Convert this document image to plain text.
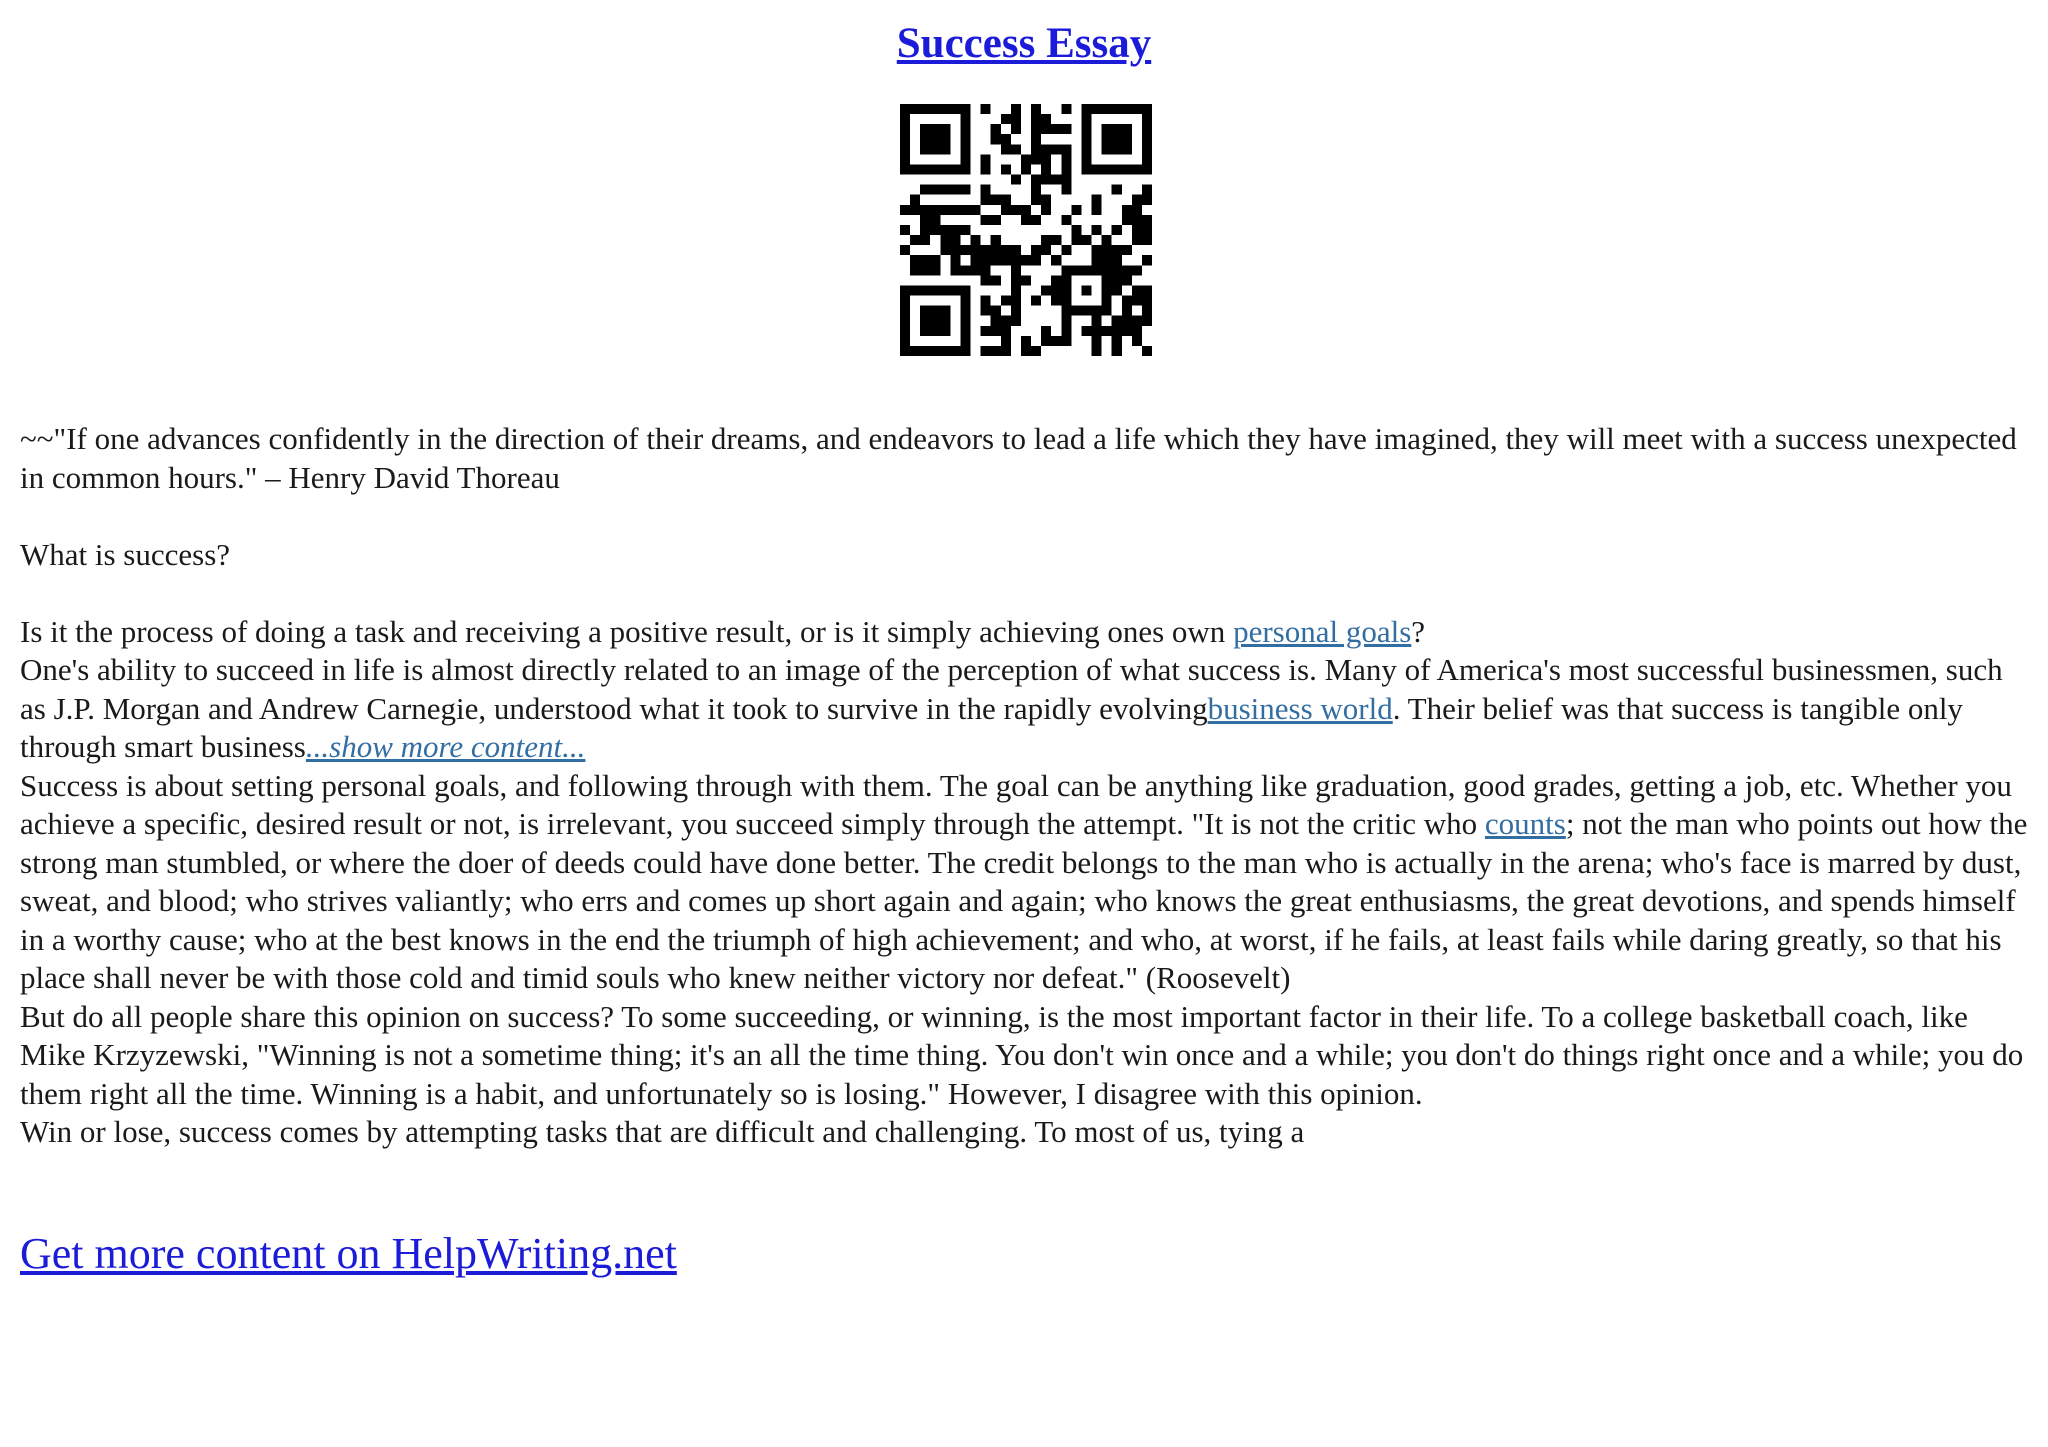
Success Essay

~~"If one advances confidently in the direction of their dreams, and endeavors to lead a life which they have imagined, they will meet with a success unexpected in common hours." – Henry David Thoreau

What is success?

Is it the process of doing a task and receiving a positive result, or is it simply achieving ones own personal goals?

One's ability to succeed in life is almost directly related to an image of the perception of what success is. Many of America's most successful businessmen, such as J.P. Morgan and Andrew Carnegie, understood what it took to survive in the rapidly evolvingbusiness world. Their belief was that success is tangible only through smart business...show more content...

Success is about setting personal goals, and following through with them. The goal can be anything like graduation, good grades, getting a job, etc. Whether you achieve a specific, desired result or not, is irrelevant, you succeed simply through the attempt. "It is not the critic who counts; not the man who points out how the strong man stumbled, or where the doer of deeds could have done better. The credit belongs to the man who is actually in the arena; who's face is marred by dust, sweat, and blood; who strives valiantly; who errs and comes up short again and again; who knows the great enthusiasms, the great devotions, and spends himself in a worthy cause; who at the best knows in the end the triumph of high achievement; and who, at worst, if he fails, at least fails while daring greatly, so that his place shall never be with those cold and timid souls who knew neither victory nor defeat." (Roosevelt)

But do all people share this opinion on success? To some succeeding, or winning, is the most important factor in their life. To a college basketball coach, like Mike Krzyzewski, "Winning is not a sometime thing; it's an all the time thing. You don't win once and a while; you don't do things right once and a while; you do them right all the time. Winning is a habit, and unfortunately so is losing." However, I disagree with this opinion.

Win or lose, success comes by attempting tasks that are difficult and challenging. To most of us, tying a

Get more content on HelpWriting.net
